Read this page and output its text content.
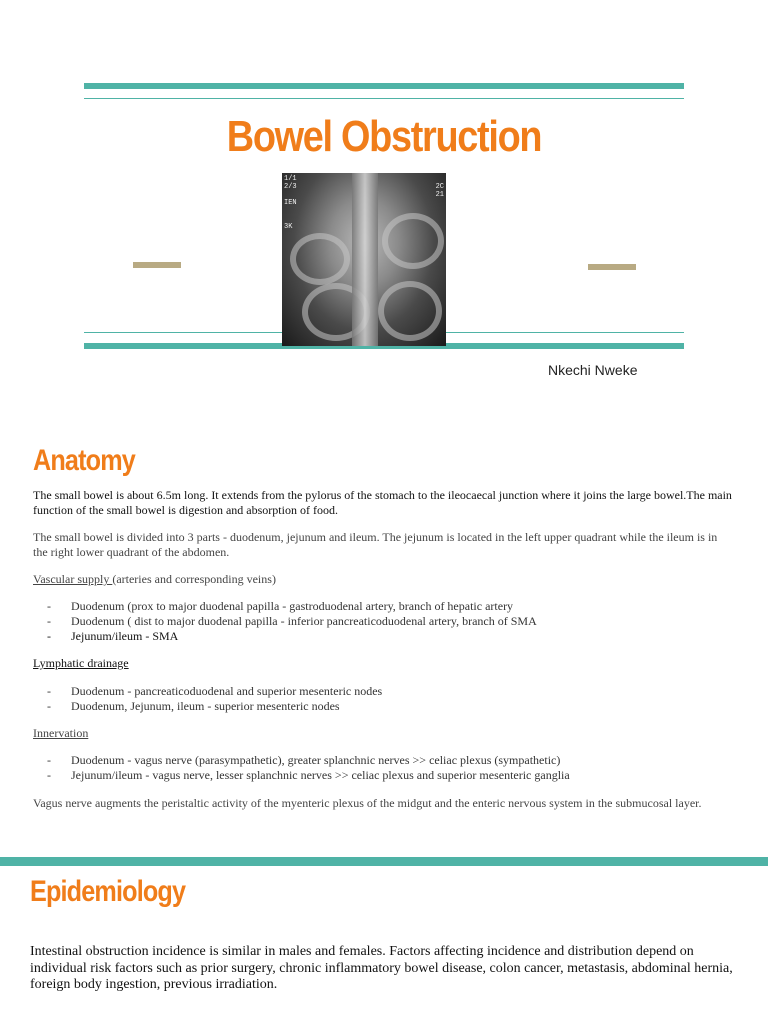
Bowel Obstruction
1/1
2/3
IEN
3K
2C
21
Nkechi Nweke
Anatomy

The small bowel is about 6.5m long. It extends from the pylorus of the stomach to the ileocaecal junction where it joins the large bowel.The main function of the small bowel is digestion and absorption of food.

The small bowel is divided into 3 parts - duodenum, jejunum and ileum. The jejunum is located in the left upper quadrant while the ileum is in the right lower quadrant of the abdomen.

Vascular supply (arteries and corresponding veins)

- Duodenum (prox to major duodenal papilla - gastroduodenal artery, branch of hepatic artery
- Duodenum ( dist to major duodenal papilla - inferior pancreaticoduodenal artery, branch of SMA
- Jejunum/ileum - SMA

Lymphatic drainage

- Duodenum - pancreaticoduodenal and superior mesenteric nodes
- Duodenum, Jejunum, ileum - superior mesenteric nodes

Innervation

- Duodenum - vagus nerve (parasympathetic), greater splanchnic nerves >> celiac plexus (sympathetic)
- Jejunum/ileum - vagus nerve, lesser splanchnic nerves >> celiac plexus and superior mesenteric ganglia

Vagus nerve augments the peristaltic activity of the myenteric plexus of the midgut and the enteric nervous system in the submucosal layer.

Epidemiology

Intestinal obstruction incidence is similar in males and females. Factors affecting incidence and distribution depend on individual risk factors such as prior surgery, chronic inflammatory bowel disease, colon cancer, metastasis, abdominal hernia, foreign body ingestion, previous irradiation.
